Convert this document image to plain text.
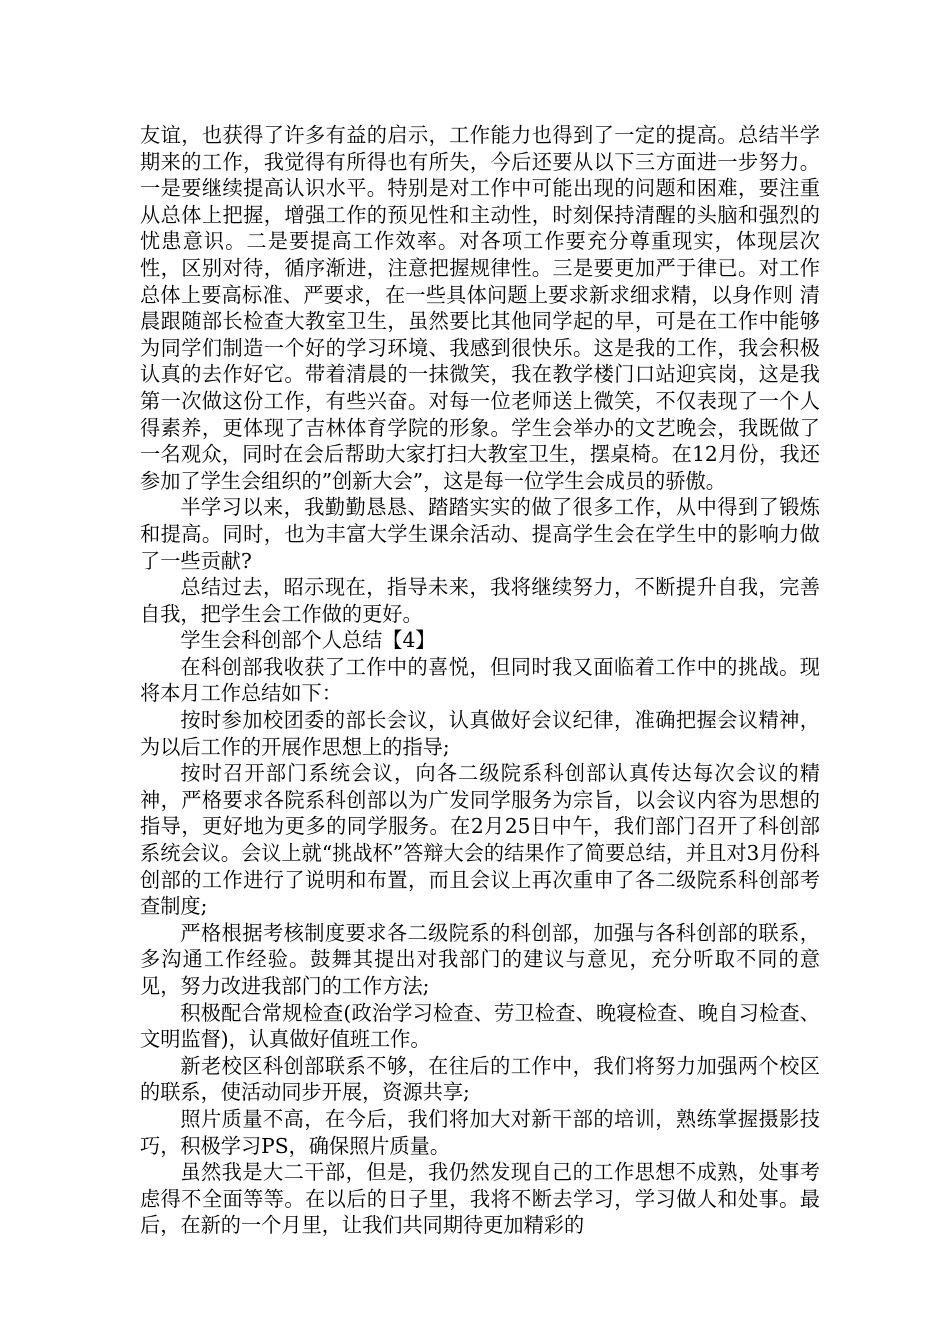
友谊，也获得了许多有益的启示，工作能力也得到了一定的提高。总结半学期来的工作，我觉得有所得也有所失，今后还要从以下三方面进一步努力。一是要继续提高认识水平。特别是对工作中可能出现的问题和困难，要注重从总体上把握，增强工作的预见性和主动性，时刻保持清醒的头脑和强烈的忧患意识。二是要提高工作效率。对各项工作要充分尊重现实，体现层次性，区别对待，循序渐进，注意把握规律性。三是要更加严于律已。对工作总体上要高标准、严要求，在一些具体问题上要求新求细求精，以身作则 清晨跟随部长检查大教室卫生，虽然要比其他同学起的早，可是在工作中能够为同学们制造一个好的学习环境、我感到很快乐。这是我的工作，我会积极认真的去作好它。带着清晨的一抹微笑，我在教学楼门口站迎宾岗，这是我第一次做这份工作，有些兴奋。对每一位老师送上微笑，不仅表现了一个人得素养，更体现了吉林体育学院的形象。学生会举办的文艺晚会，我既做了一名观众，同时在会后帮助大家打扫大教室卫生，摆桌椅。在12月份，我还参加了学生会组织的”创新大会”，这是每一位学生会成员的骄傲。

半学习以来，我勤勤恳恳、踏踏实实的做了很多工作，从中得到了锻炼和提高。同时，也为丰富大学生课余活动、提高学生会在学生中的影响力做了一些贡献?

总结过去，昭示现在，指导未来，我将继续努力，不断提升自我，完善自我，把学生会工作做的更好。

学生会科创部个人总结【4】

在科创部我收获了工作中的喜悦，但同时我又面临着工作中的挑战。现将本月工作总结如下：

按时参加校团委的部长会议，认真做好会议纪律，准确把握会议精神，为以后工作的开展作思想上的指导;

按时召开部门系统会议，向各二级院系科创部认真传达每次会议的精神，严格要求各院系科创部以为广发同学服务为宗旨，以会议内容为思想的指导，更好地为更多的同学服务。在2月25日中午，我们部门召开了科创部系统会议。会议上就“挑战杯”答辩大会的结果作了简要总结，并且对3月份科创部的工作进行了说明和布置，而且会议上再次重申了各二级院系科创部考查制度;

严格根据考核制度要求各二级院系的科创部，加强与各科创部的联系，多沟通工作经验。鼓舞其提出对我部门的建议与意见，充分听取不同的意见，努力改进我部门的工作方法;

积极配合常规检查(政治学习检查、劳卫检查、晚寝检查、晚自习检查、文明监督)，认真做好值班工作。

新老校区科创部联系不够，在往后的工作中，我们将努力加强两个校区的联系，使活动同步开展，资源共享;

照片质量不高，在今后，我们将加大对新干部的培训，熟练掌握摄影技巧，积极学习PS，确保照片质量。

虽然我是大二干部，但是，我仍然发现自己的工作思想不成熟，处事考虑得不全面等等。在以后的日子里，我将不断去学习，学习做人和处事。最后，在新的一个月里，让我们共同期待更加精彩的
